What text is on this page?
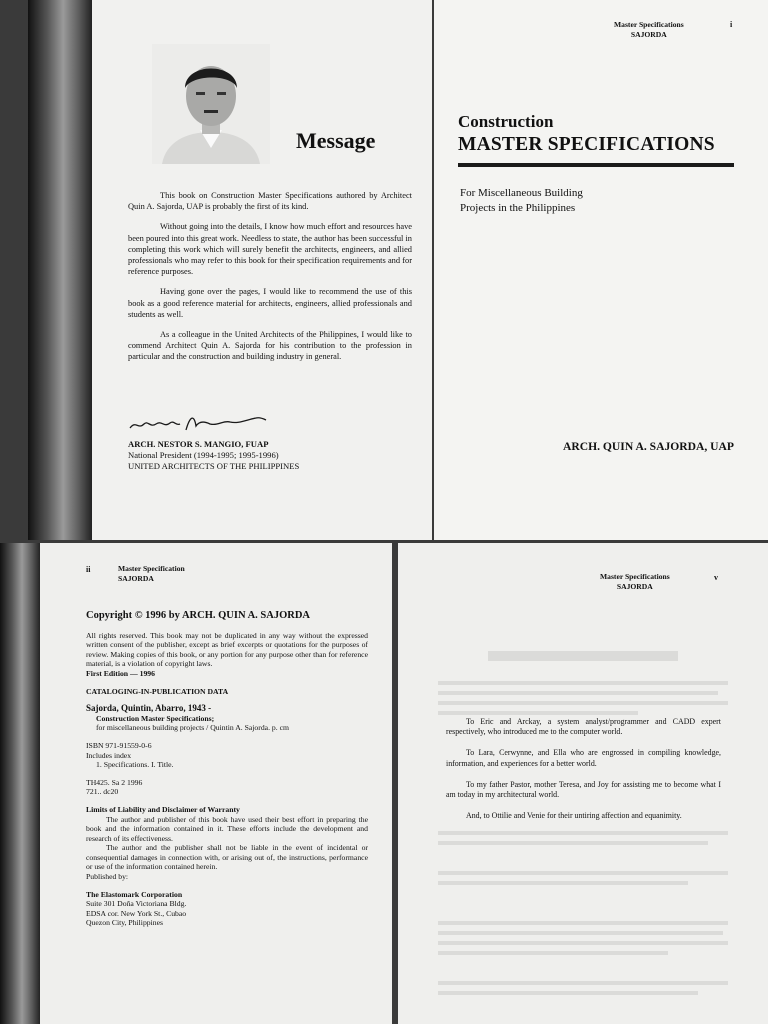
Message

This book on Construction Master Specifications authored by Architect Quin A. Sajorda, UAP is probably the first of its kind.

Without going into the details, I know how much effort and resources have been poured into this great work. Needless to state, the author has been successful in completing this work which will surely benefit the architects, engineers, and allied professionals who may refer to this book for their specification requirements and for reference purposes.

Having gone over the pages, I would like to recommend the use of this book as a good reference material for architects, engineers, allied professionals and students as well.

As a colleague in the United Architects of the Philippines, I would like to commend Architect Quin A. Sajorda for his contribution to the profession in particular and the construction and building industry in general.

ARCH. NESTOR S. MANGIO, FUAP
National President (1994-1995; 1995-1996)
UNITED ARCHITECTS OF THE PHILIPPINES
Master Specifications
SAJORDA
i
Construction
MASTER SPECIFICATIONS
For Miscellaneous Building
Projects in the Philippines
ARCH. QUIN A. SAJORDA, UAP
ii	Master Specification
SAJORDA
Copyright © 1996 by ARCH. QUIN A. SAJORDA

All rights reserved. This book may not be duplicated in any way without the expressed written consent of the publisher, except as brief excerpts or quotations for the purposes of review. Making copies of this book, or any portion for any purpose other than for reference material, is a violation of copyright laws.

First Edition — 1996
CATALOGING-IN-PUBLICATION DATA
Sajorda, Quintin, Abarro, 1943 -
Construction Master Specifications;
for miscellaneous building projects / Quintin A. Sajorda. p. cm
ISBN 971-91559-0-6
Includes index
1. Specifications. I. Title.
TH425. Sa 2 1996
721.. dc20
Limits of Liability and Disclaimer of Warranty

The author and publisher of this book have used their best effort in preparing the book and the information contained in it. These efforts include the development and research of its effectiveness.

The author and the publisher shall not be liable in the event of incidental or consequential damages in connection with, or arising out of, the instructions, performance or use of the information contained herein.

Published by:
The Elastomark Corporation
Suite 301 Doña Victoriana Bldg.
EDSA cor. New York St., Cubao
Quezon City, Philippines
Master Specifications
SAJORDA
v

To Eric and Arckay, a system analyst/programmer and CADD expert respectively, who introduced me to the computer world.

To Lara, Cerwynne, and Ella who are engrossed in compiling knowledge, information, and experiences for a better world.

To my father Pastor, mother Teresa, and Joy for assisting me to become what I am today in my architectural world.

And, to Ottilie and Venie for their untiring affection and equanimity.
